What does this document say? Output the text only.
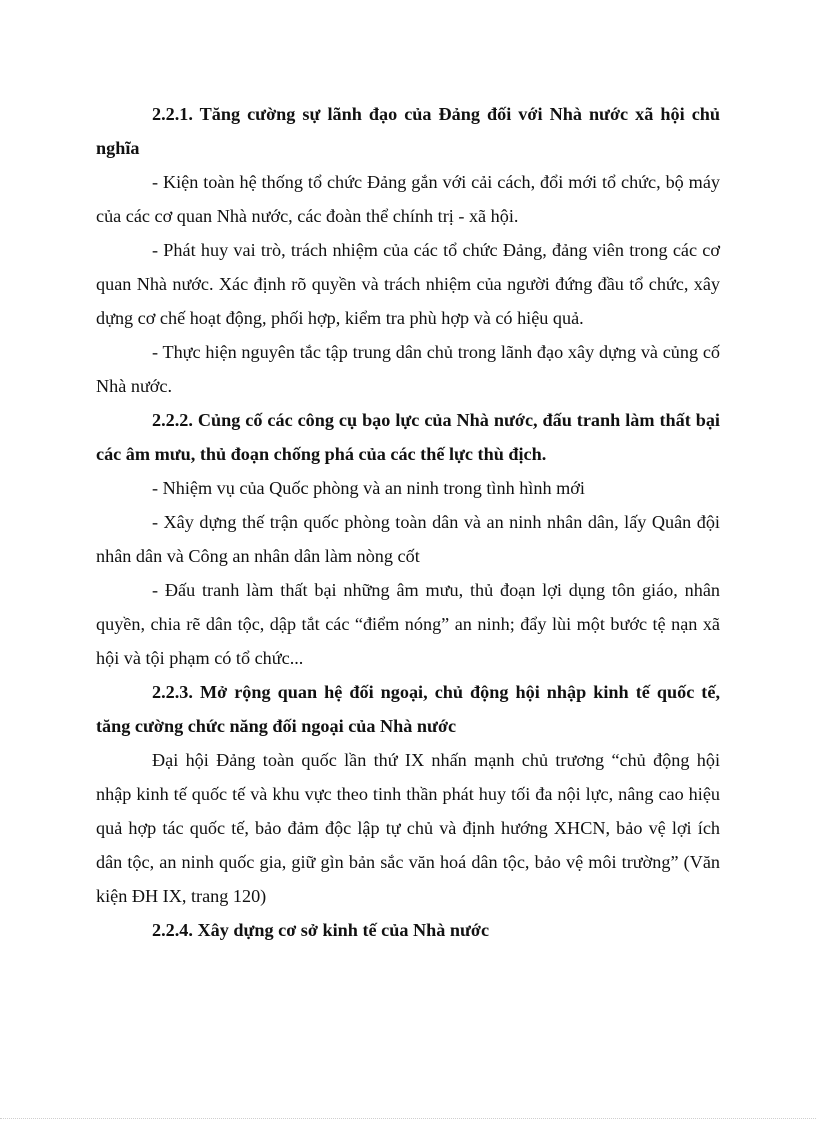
2.2.1. Tăng cường sự lãnh đạo của Đảng đối với Nhà nước xã hội chủ nghĩa

- Kiện toàn hệ thống tổ chức Đảng gắn với cải cách, đổi mới tổ chức, bộ máy của các cơ quan Nhà nước, các đoàn thể chính trị - xã hội.

- Phát huy vai trò, trách nhiệm của các tổ chức Đảng, đảng viên trong các cơ quan Nhà nước. Xác định rõ quyền và trách nhiệm của người đứng đầu tổ chức, xây dựng cơ chế hoạt động, phối hợp, kiểm tra phù hợp và có hiệu quả.

- Thực hiện nguyên tắc tập trung dân chủ trong lãnh đạo xây dựng và củng cố Nhà nước.

2.2.2. Củng cố các công cụ bạo lực của Nhà nước, đấu tranh làm thất bại các âm mưu, thủ đoạn chống phá của các thế lực thù địch.

- Nhiệm vụ của Quốc phòng và an ninh trong tình hình mới

- Xây dựng thế trận quốc phòng toàn dân và an ninh nhân dân, lấy Quân đội nhân dân và Công an nhân dân làm nòng cốt

- Đấu tranh làm thất bại những âm mưu, thủ đoạn lợi dụng tôn giáo, nhân quyền, chia rẽ dân tộc, dập tắt các “điểm nóng” an ninh; đẩy lùi một bước tệ nạn xã hội và tội phạm có tổ chức...

2.2.3. Mở rộng quan hệ đối ngoại, chủ động hội nhập kinh tế quốc tế, tăng cường chức năng đối ngoại của Nhà nước

Đại hội Đảng toàn quốc lần thứ IX nhấn mạnh chủ trương “chủ động hội nhập kinh tế quốc tế và khu vực theo tinh thần phát huy tối đa nội lực, nâng cao hiệu quả hợp tác quốc tế, bảo đảm độc lập tự chủ và định hướng XHCN, bảo vệ lợi ích dân tộc, an ninh quốc gia, giữ gìn bản sắc văn hoá dân tộc, bảo vệ môi trường” (Văn kiện ĐH IX, trang 120)

2.2.4. Xây dựng cơ sở kinh tế của Nhà nước
